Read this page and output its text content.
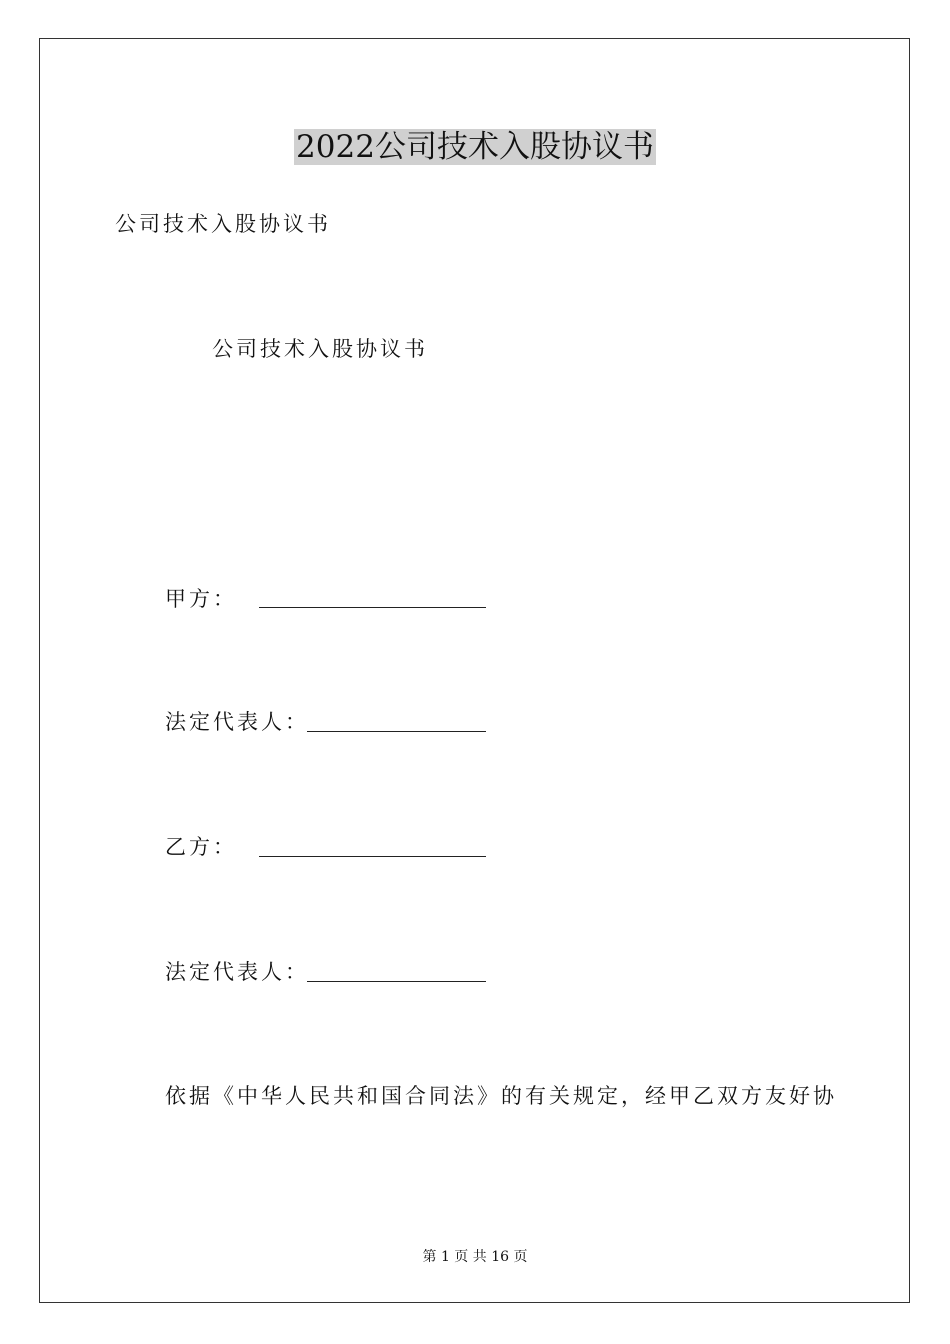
2022公司技术入股协议书
公司技术入股协议书
公司技术入股协议书
甲方：
法定代表人：
乙方：
法定代表人：
依据《中华人民共和国合同法》的有关规定，经甲乙双方友好协
第 1 页 共 16 页
